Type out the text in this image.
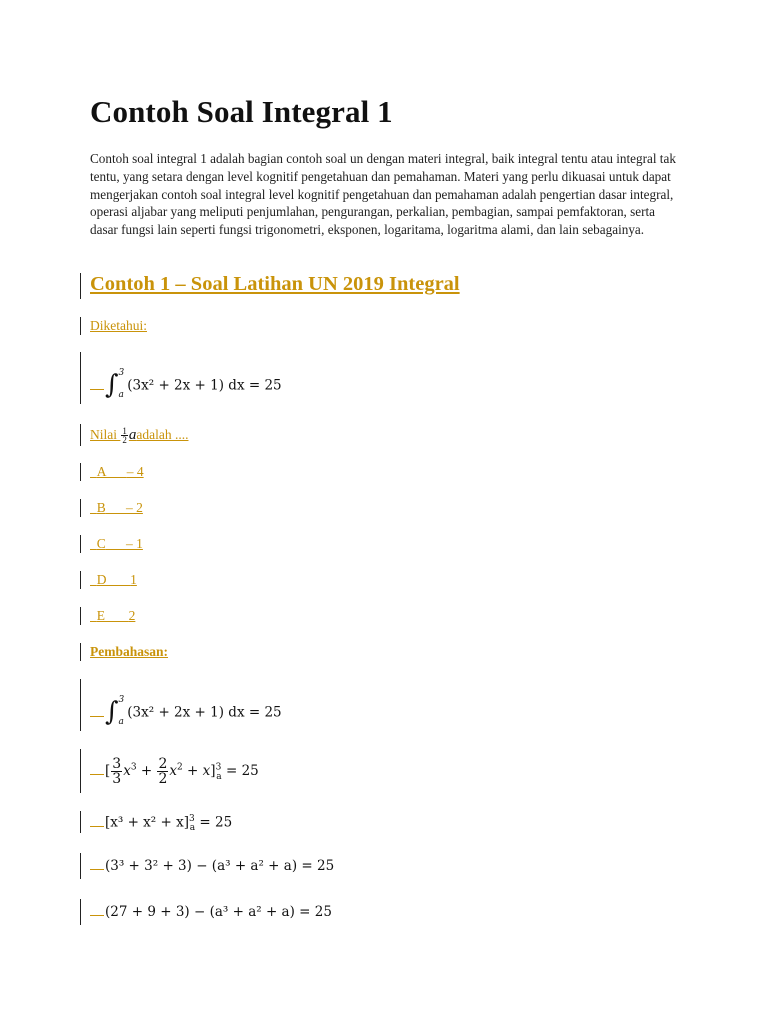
Contoh Soal Integral 1

Contoh soal integral 1 adalah bagian contoh soal un dengan materi integral, baik integral tentu atau integral tak tentu, yang setara dengan level kognitif pengetahuan dan pemahaman. Materi yang perlu dikuasai untuk dapat mengerjakan contoh soal integral level kognitif pengetahuan dan pemahaman adalah pengertian dasar integral, operasi aljabar yang meliputi penjumlahan, pengurangan, perkalian, pembagian, sampai pemfaktoran, serta dasar fungsi lain seperti fungsi trigonometri, eksponen, logaritama, logaritma alami, dan lain sebagainya.

Contoh 1 – Soal Latihan UN 2019 Integral
Diketahui:
∫ 3
a
(3x² + 2x + 1) dx = 25
Nilai $\frac{1}{2}$ aadalah ....
A – 4
B – 2
C – 1
D 1
E 2
Pembahasan:
∫ 3
a
(3x² + 2x + 1) dx = 25
[ $\frac{3}{3} x^3 + \frac{2}{2} x^2 + x]^3_a = 25$
$[x^3 + x^2 + x]^3_a = 25$
(3³ + 3² + 3) − (a³ + a² + a) = 25
(27 + 9 + 3) − (a³ + a² + a) = 25
